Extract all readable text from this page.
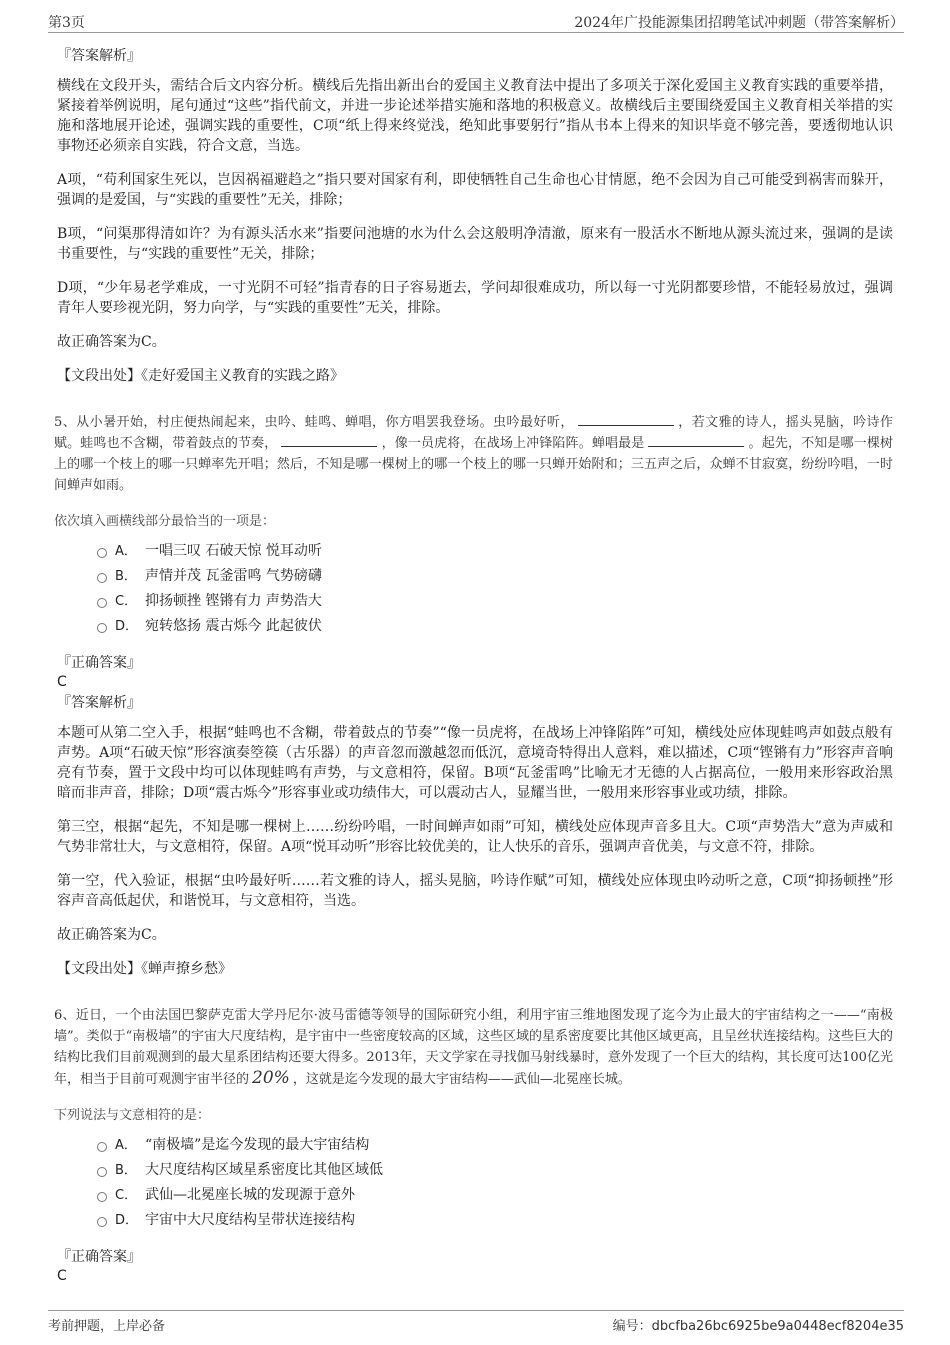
第3页	2024年广投能源集团招聘笔试冲刺题（带答案解析）
『答案解析』

横线在文段开头，需结合后文内容分析。横线后先指出新出台的爱国主义教育法中提出了多项关于深化爱国主义教育实践的重要举措，紧接着举例说明，尾句通过“这些”指代前文，并进一步论述举措实施和落地的积极意义。故横线后主要围绕爱国主义教育相关举措的实施和落地展开论述，强调实践的重要性，C项“纸上得来终觉浅，绝知此事要躬行”指从书本上得来的知识毕竟不够完善，要透彻地认识事物还必须亲自实践，符合文意，当选。

A项，“苟利国家生死以，岂因祸福避趋之”指只要对国家有利，即使牺牲自己生命也心甘情愿，绝不会因为自己可能受到祸害而躲开，强调的是爱国，与“实践的重要性”无关，排除；

B项，“问渠那得清如许？为有源头活水来”指要问池塘的水为什么会这般明净清澈，原来有一股活水不断地从源头流过来，强调的是读书重要性，与“实践的重要性”无关，排除；

D项，“少年易老学难成，一寸光阴不可轻”指青春的日子容易逝去，学问却很难成功，所以每一寸光阴都要珍惜，不能轻易放过，强调青年人要珍视光阴，努力向学，与“实践的重要性”无关，排除。

故正确答案为C。

【文段出处】《走好爱国主义教育的实践之路》

5、从小暑开始，村庄便热闹起来，虫吟、蛙鸣、蝉唱，你方唱罢我登场。虫吟最好听，	，若文雅的诗人，摇头晃脑，吟诗作赋。蛙鸣也不含糊，带着鼓点的节奏，	，像一员虎将，在战场上冲锋陷阵。蝉唱最是	。起先，不知是哪一棵树上的哪一个枝上的哪一只蝉率先开唱；然后，不知是哪一棵树上的哪一个枝上的哪一只蝉开始附和；三五声之后，众蝉不甘寂寞，纷纷吟唱，一时间蝉声如雨。

依次填入画横线部分最恰当的一项是：
A． 一唱三叹 石破天惊 悦耳动听
B． 声情并茂 瓦釜雷鸣 气势磅礴
C． 抑扬顿挫 铿锵有力 声势浩大
D． 宛转悠扬 震古烁今 此起彼伏
『正确答案』
C
『答案解析』

本题可从第二空入手，根据“蛙鸣也不含糊，带着鼓点的节奏”“像一员虎将，在战场上冲锋陷阵”可知，横线处应体现蛙鸣声如鼓点般有声势。A项“石破天惊”形容演奏箜篌（古乐器）的声音忽而激越忽而低沉，意境奇特得出人意料，难以描述，C项“铿锵有力”形容声音响亮有节奏，置于文段中均可以体现蛙鸣有声势，与文意相符，保留。B项“瓦釜雷鸣”比喻无才无德的人占据高位，一般用来形容政治黑暗而非声音，排除；D项“震古烁今”形容事业或功绩伟大，可以震动古人，显耀当世，一般用来形容事业或功绩，排除。

第三空，根据“起先，不知是哪一棵树上……纷纷吟唱，一时间蝉声如雨”可知，横线处应体现声音多且大。C项“声势浩大”意为声威和气势非常壮大，与文意相符，保留。A项“悦耳动听”形容比较优美的，让人快乐的音乐，强调声音优美，与文意不符，排除。

第一空，代入验证，根据“虫吟最好听……若文雅的诗人，摇头晃脑，吟诗作赋”可知，横线处应体现虫吟动听之意，C项“抑扬顿挫”形容声音高低起伏，和谐悦耳，与文意相符，当选。

故正确答案为C。

【文段出处】《蝉声撩乡愁》

6、近日，一个由法国巴黎萨克雷大学丹尼尔·波马雷德等领导的国际研究小组，利用宇宙三维地图发现了迄今为止最大的宇宙结构之一——“南极墙”。类似于“南极墙”的宇宙大尺度结构，是宇宙中一些密度较高的区域，这些区域的星系密度要比其他区域更高，且呈丝状连接结构。这些巨大的结构比我们目前观测到的最大星系团结构还要大得多。2013年，天文学家在寻找伽马射线暴时，意外发现了一个巨大的结构，其长度可达100亿光年，相当于目前可观测宇宙半径的 20% ，这就是迄今发现的最大宇宙结构——武仙—北冕座长城。

下列说法与文意相符的是：
A． “南极墙”是迄今发现的最大宇宙结构
B． 大尺度结构区域星系密度比其他区域低
C． 武仙—北冕座长城的发现源于意外
D． 宇宙中大尺度结构呈带状连接结构
『正确答案』
C
考前押题，上岸必备	编号：dbcfba26bc6925be9a0448ecf8204e35
